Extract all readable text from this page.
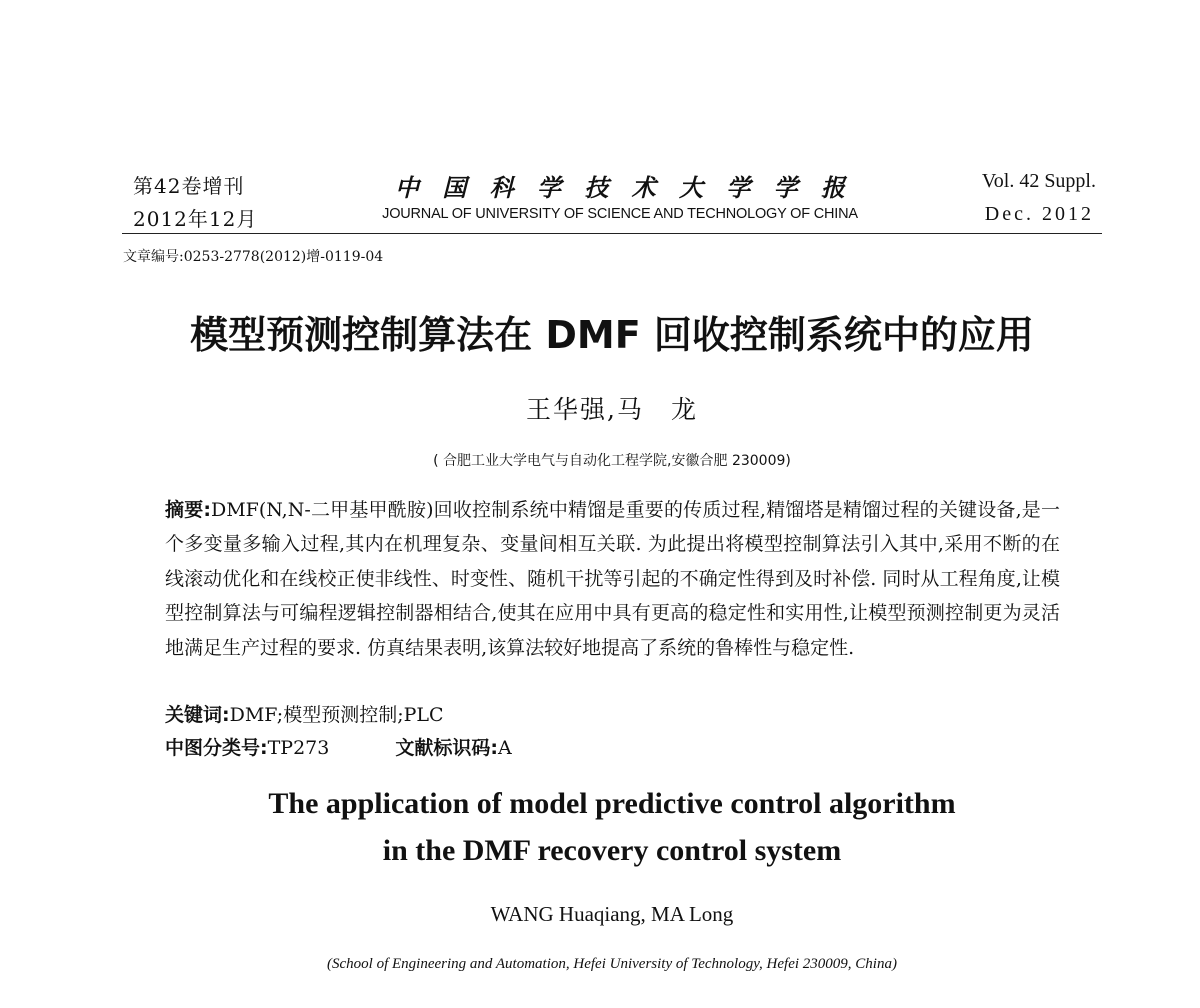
第42卷增刊
2012年12月
中 国 科 学 技 术 大 学 学 报
JOURNAL OF UNIVERSITY OF SCIENCE AND TECHNOLOGY OF CHINA
Vol. 42 Suppl.
Dec. 2012
文章编号:0253-2778(2012)增-0119-04
模型预测控制算法在 DMF 回收控制系统中的应用
王华强,马　龙
( 合肥工业大学电气与自动化工程学院,安徽合肥 230009)
摘要:DMF(N,N-二甲基甲酰胺)回收控制系统中精馏是重要的传质过程,精馏塔是精馏过程的关键设备,是一个多变量多输入过程,其内在机理复杂、变量间相互关联. 为此提出将模型控制算法引入其中,采用不断的在线滚动优化和在线校正使非线性、时变性、随机干扰等引起的不确定性得到及时补偿. 同时从工程角度,让模型控制算法与可编程逻辑控制器相结合,使其在应用中具有更高的稳定性和实用性,让模型预测控制更为灵活地满足生产过程的要求. 仿真结果表明,该算法较好地提高了系统的鲁棒性与稳定性.
关键词:DMF;模型预测控制;PLC
中图分类号:TP273	文献标识码:A
The application of model predictive control algorithm
in the DMF recovery control system
WANG Huaqiang, MA Long
(School of Engineering and Automation, Hefei University of Technology, Hefei 230009, China)
